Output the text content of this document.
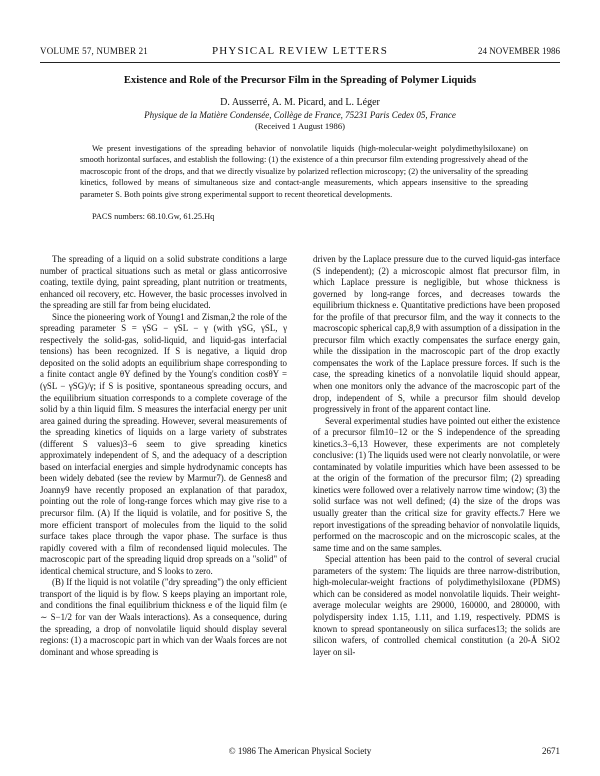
VOLUME 57, NUMBER 21	PHYSICAL REVIEW LETTERS	24 NOVEMBER 1986
Existence and Role of the Precursor Film in the Spreading of Polymer Liquids
D. Ausserré, A. M. Picard, and L. Léger
Physique de la Matière Condensée, Collège de France, 75231 Paris Cedex 05, France
(Received 1 August 1986)
We present investigations of the spreading behavior of nonvolatile liquids (high-molecular-weight polydimethylsiloxane) on smooth horizontal surfaces, and establish the following: (1) the existence of a thin precursor film extending progressively ahead of the macroscopic front of the drops, and that we directly visualize by polarized reflection microscopy; (2) the universality of the spreading kinetics, followed by means of simultaneous size and contact-angle measurements, which appears insensitive to the spreading parameter S. Both points give strong experimental support to recent theoretical developments.
PACS numbers: 68.10.Gw, 61.25.Hq

The spreading of a liquid on a solid substrate conditions a large number of practical situations such as metal or glass anticorrosive coating, textile dying, paint spreading, plant nutrition or treatments, enhanced oil recovery, etc. However, the basic processes involved in the spreading are still far from being elucidated.

Since the pioneering work of Young1 and Zisman,2 the role of the spreading parameter S = γSG − γSL − γ (with γSG, γSL, γ respectively the solid-gas, solid-liquid, and liquid-gas interfacial tensions) has been recognized. If S is negative, a liquid drop deposited on the solid adopts an equilibrium shape corresponding to a finite contact angle θY defined by the Young's condition cosθY = (γSL − γSG)/γ; if S is positive, spontaneous spreading occurs, and the equilibrium situation corresponds to a complete coverage of the solid by a thin liquid film. S measures the interfacial energy per unit area gained during the spreading. However, several measurements of the spreading kinetics of liquids on a large variety of substrates (different S values)3−6 seem to give spreading kinetics approximately independent of S, and the adequacy of a description based on interfacial energies and simple hydrodynamic concepts has been widely debated (see the review by Marmur7). de Gennes8 and Joanny9 have recently proposed an explanation of that paradox, pointing out the role of long-range forces which may give rise to a precursor film. (A) If the liquid is volatile, and for positive S, the more efficient transport of molecules from the liquid to the solid surface takes place through the vapor phase. The surface is thus rapidly covered with a film of recondensed liquid molecules. The macroscopic part of the spreading liquid drop spreads on a "solid" of identical chemical structure, and S looks to zero.

(B) If the liquid is not volatile ("dry spreading") the only efficient transport of the liquid is by flow. S keeps playing an important role, and conditions the final equilibrium thickness e of the liquid film (e ∼ S−1/2 for van der Waals interactions). As a consequence, during the spreading, a drop of nonvolatile liquid should display several regions: (1) a macroscopic part in which van der Waals forces are not dominant and whose spreading is

driven by the Laplace pressure due to the curved liquid-gas interface (S independent); (2) a microscopic almost flat precursor film, in which Laplace pressure is negligible, but whose thickness is governed by long-range forces, and decreases towards the equilibrium thickness e. Quantitative predictions have been proposed for the profile of that precursor film, and the way it connects to the macroscopic spherical cap,8,9 with assumption of a dissipation in the precursor film which exactly compensates the surface energy gain, while the dissipation in the macroscopic part of the drop exactly compensates the work of the Laplace pressure forces. If such is the case, the spreading kinetics of a nonvolatile liquid should appear, when one monitors only the advance of the macroscopic part of the drop, independent of S, while a precursor film should develop progressively in front of the apparent contact line.

Several experimental studies have pointed out either the existence of a precursor film10−12 or the S independence of the spreading kinetics.3−6,13 However, these experiments are not completely conclusive: (1) The liquids used were not clearly nonvolatile, or were contaminated by volatile impurities which have been assessed to be at the origin of the formation of the precursor film; (2) spreading kinetics were followed over a relatively narrow time window; (3) the solid surface was not well defined; (4) the size of the drops was usually greater than the critical size for gravity effects.7 Here we report investigations of the spreading behavior of nonvolatile liquids, performed on the macroscopic and on the microscopic scales, at the same time and on the same samples.

Special attention has been paid to the control of several crucial parameters of the system: The liquids are three narrow-distribution, high-molecular-weight fractions of polydimethylsiloxane (PDMS) which can be considered as model nonvolatile liquids. Their weight-average molecular weights are 29000, 160000, and 280000, with polydispersity index 1.15, 1.11, and 1.19, respectively. PDMS is known to spread spontaneously on silica surfaces13; the solids are silicon wafers, of controlled chemical constitution (a 20-Å SiO2 layer on sil-

© 1986 The American Physical Society	2671
